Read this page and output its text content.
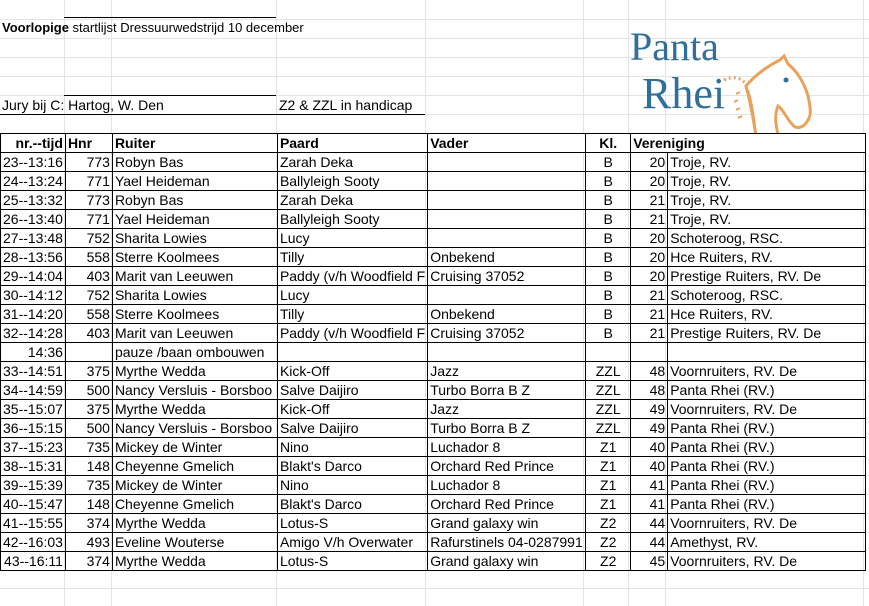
Voorlopige startlijst Dressuurwedstrijd 10 december
Jury bij C: Hartog, W. Den	Z2 & ZZL in handicap
Panta
Rhei
nr.--tijd	Hnr	Ruiter	Paard	Vader	Kl.	Vereniging	
23--13:16	773	Robyn Bas	Zarah Deka		B	20	Troje, RV.
24--13:24	771	Yael Heideman	Ballyleigh Sooty		B	20	Troje, RV.
25--13:32	773	Robyn Bas	Zarah Deka		B	21	Troje, RV.
26--13:40	771	Yael Heideman	Ballyleigh Sooty		B	21	Troje, RV.
27--13:48	752	Sharita Lowies	Lucy		B	20	Schoteroog, RSC.
28--13:56	558	Sterre Koolmees	Tilly	Onbekend	B	20	Hce Ruiters, RV.
29--14:04	403	Marit van Leeuwen	Paddy (v/h Woodfield F	Cruising 37052	B	20	Prestige Ruiters, RV. De
30--14:12	752	Sharita Lowies	Lucy		B	21	Schoteroog, RSC.
31--14:20	558	Sterre Koolmees	Tilly	Onbekend	B	21	Hce Ruiters, RV.
32--14:28	403	Marit van Leeuwen	Paddy (v/h Woodfield F	Cruising 37052	B	21	Prestige Ruiters, RV. De
14:36		pauze /baan ombouwen					
33--14:51	375	Myrthe Wedda	Kick-Off	Jazz	ZZL	48	Voornruiters, RV. De
34--14:59	500	Nancy Versluis - Borsboo	Salve Daijiro	Turbo Borra B Z	ZZL	48	Panta Rhei (RV.)
35--15:07	375	Myrthe Wedda	Kick-Off	Jazz	ZZL	49	Voornruiters, RV. De
36--15:15	500	Nancy Versluis - Borsboo	Salve Daijiro	Turbo Borra B Z	ZZL	49	Panta Rhei (RV.)
37--15:23	735	Mickey de Winter	Nino	Luchador 8	Z1	40	Panta Rhei (RV.)
38--15:31	148	Cheyenne Gmelich	Blakt's Darco	Orchard Red Prince	Z1	40	Panta Rhei (RV.)
39--15:39	735	Mickey de Winter	Nino	Luchador 8	Z1	41	Panta Rhei (RV.)
40--15:47	148	Cheyenne Gmelich	Blakt's Darco	Orchard Red Prince	Z1	41	Panta Rhei (RV.)
41--15:55	374	Myrthe Wedda	Lotus-S	Grand galaxy win	Z2	44	Voornruiters, RV. De
42--16:03	493	Eveline Wouterse	Amigo V/h Overwater	Rafurstinels 04-0287991	Z2	44	Amethyst, RV.
43--16:11	374	Myrthe Wedda	Lotus-S	Grand galaxy win	Z2	45	Voornruiters, RV. De
